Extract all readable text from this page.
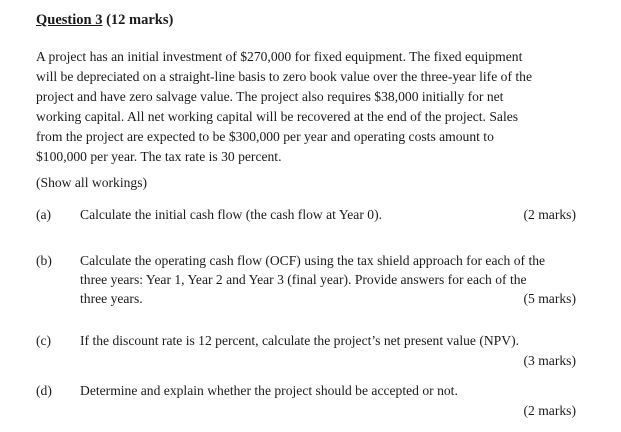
Question 3 (12 marks)
A project has an initial investment of $270,000 for fixed equipment. The fixed equipment
will be depreciated on a straight-line basis to zero book value over the three-year life of the
project and have zero salvage value. The project also requires $38,000 initially for net
working capital. All net working capital will be recovered at the end of the project. Sales
from the project are expected to be $300,000 per year and operating costs amount to
$100,000 per year. The tax rate is 30 percent.
(Show all workings)
(a) Calculate the initial cash flow (the cash flow at Year 0).	(2 marks)
(b) Calculate the operating cash flow (OCF) using the tax shield approach for each of the
three years: Year 1, Year 2 and Year 3 (final year). Provide answers for each of the
three years.	(5 marks)
(c) If the discount rate is 12 percent, calculate the project’s net present value (NPV).
(3 marks)
(d) Determine and explain whether the project should be accepted or not.
(2 marks)
